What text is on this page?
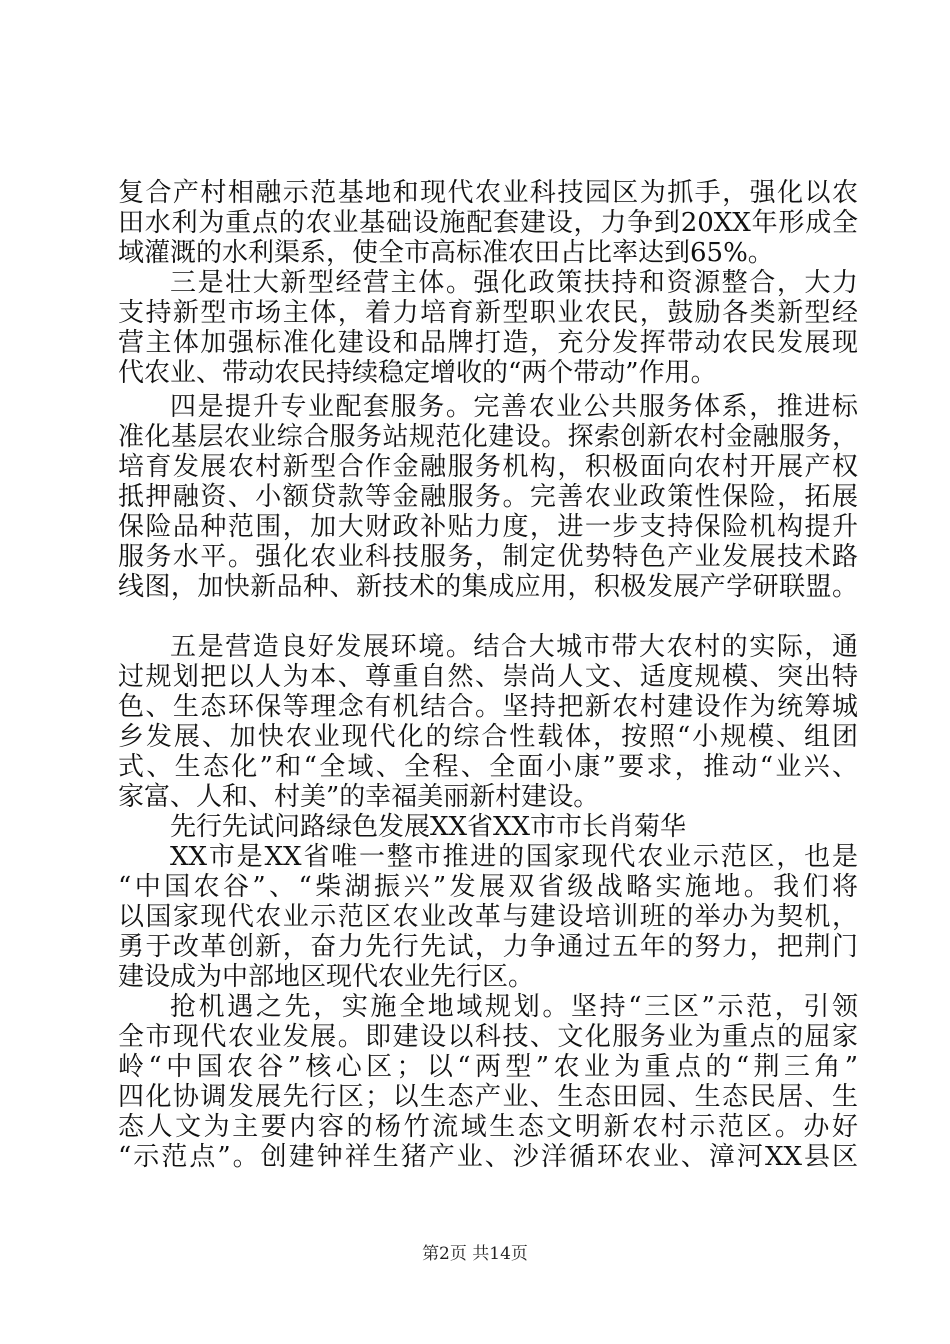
复合产村相融示范基地和现代农业科技园区为抓手，强化以农
田水利为重点的农业基础设施配套建设，力争到20XX年形成全
域灌溉的水利渠系，使全市高标准农田占比率达到65%。
三是壮大新型经营主体。强化政策扶持和资源整合，大力
支持新型市场主体，着力培育新型职业农民，鼓励各类新型经
营主体加强标准化建设和品牌打造，充分发挥带动农民发展现
代农业、带动农民持续稳定增收的“两个带动”作用。
四是提升专业配套服务。完善农业公共服务体系，推进标
准化基层农业综合服务站规范化建设。探索创新农村金融服务，
培育发展农村新型合作金融服务机构，积极面向农村开展产权
抵押融资、小额贷款等金融服务。完善农业政策性保险，拓展
保险品种范围，加大财政补贴力度，进一步支持保险机构提升
服务水平。强化农业科技服务，制定优势特色产业发展技术路
线图，加快新品种、新技术的集成应用，积极发展产学研联盟。
五是营造良好发展环境。结合大城市带大农村的实际，通
过规划把以人为本、尊重自然、崇尚人文、适度规模、突出特
色、生态环保等理念有机结合。坚持把新农村建设作为统筹城
乡发展、加快农业现代化的综合性载体，按照“小规模、组团
式、生态化”和“全域、全程、全面小康”要求，推动“业兴、
家富、人和、村美”的幸福美丽新村建设。
先行先试问路绿色发展XX省XX市市长肖菊华
XX市是XX省唯一整市推进的国家现代农业示范区，也是
“中国农谷”、“柴湖振兴”发展双省级战略实施地。我们将
以国家现代农业示范区农业改革与建设培训班的举办为契机，
勇于改革创新，奋力先行先试，力争通过五年的努力，把荆门
建设成为中部地区现代农业先行区。
抢机遇之先，实施全地域规划。坚持“三区”示范，引领
全市现代农业发展。即建设以科技、文化服务业为重点的屈家
岭“中国农谷”核心区；以“两型”农业为重点的“荆三角”
四化协调发展先行区；以生态产业、生态田园、生态民居、生
态人文为主要内容的杨竹流域生态文明新农村示范区。办好
“示范点”。创建钟祥生猪产业、沙洋循环农业、漳河XX县区
第2页 共14页
